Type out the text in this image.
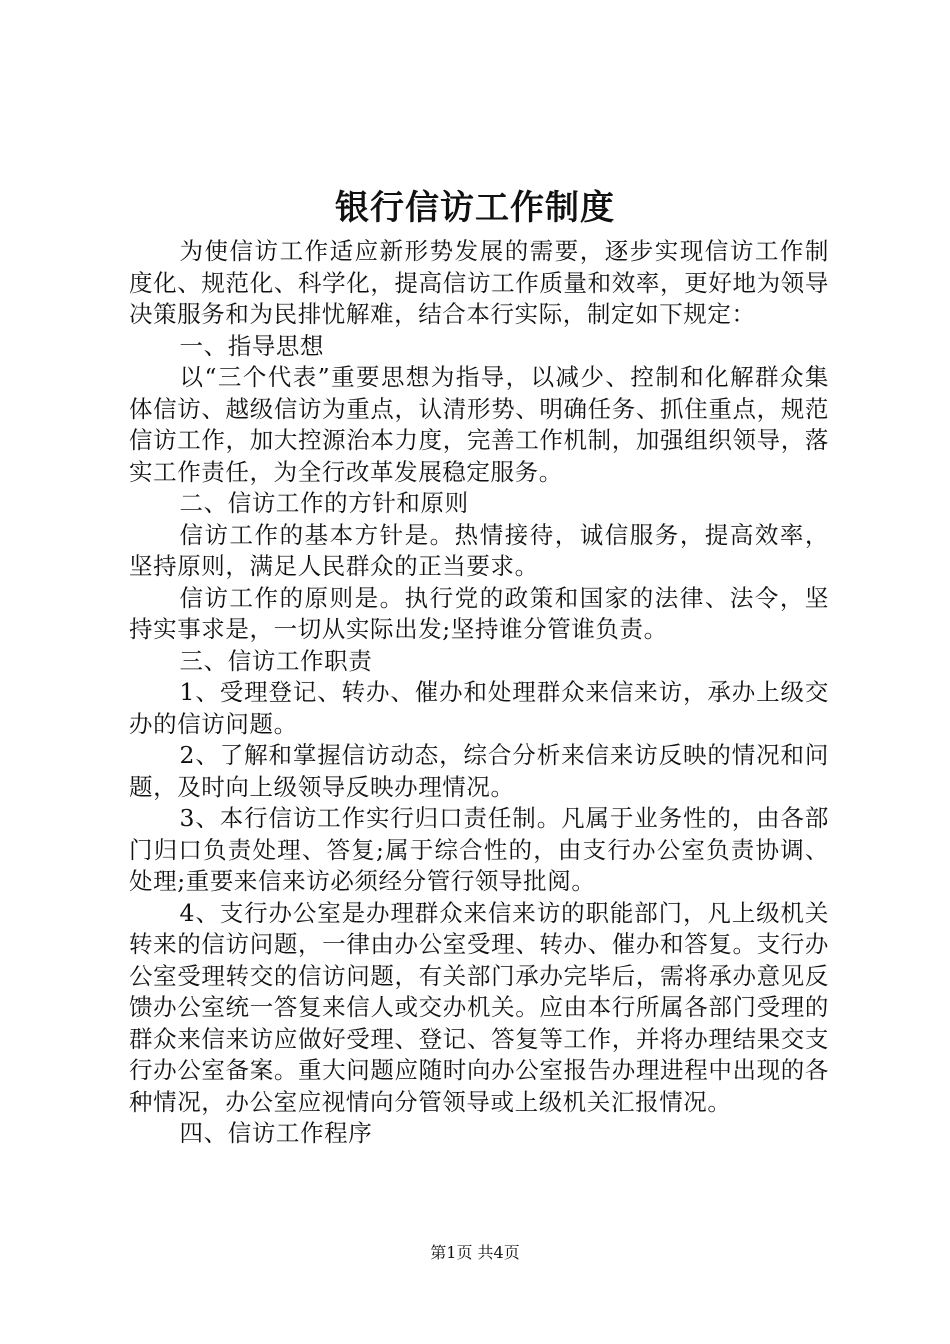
银行信访工作制度

为使信访工作适应新形势发展的需要，逐步实现信访工作制度化、规范化、科学化，提高信访工作质量和效率，更好地为领导决策服务和为民排忧解难，结合本行实际，制定如下规定：

一、指导思想

以“三个代表”重要思想为指导，以减少、控制和化解群众集体信访、越级信访为重点，认清形势、明确任务、抓住重点，规范信访工作，加大控源治本力度，完善工作机制，加强组织领导，落实工作责任，为全行改革发展稳定服务。

二、信访工作的方针和原则

信访工作的基本方针是。热情接待，诚信服务，提高效率，坚持原则，满足人民群众的正当要求。

信访工作的原则是。执行党的政策和国家的法律、法令，坚持实事求是，一切从实际出发;坚持谁分管谁负责。

三、信访工作职责

1、受理登记、转办、催办和处理群众来信来访，承办上级交办的信访问题。

2、了解和掌握信访动态，综合分析来信来访反映的情况和问题，及时向上级领导反映办理情况。

3、本行信访工作实行归口责任制。凡属于业务性的，由各部门归口负责处理、答复;属于综合性的，由支行办公室负责协调、处理;重要来信来访必须经分管行领导批阅。

4、支行办公室是办理群众来信来访的职能部门，凡上级机关转来的信访问题，一律由办公室受理、转办、催办和答复。支行办公室受理转交的信访问题，有关部门承办完毕后，需将承办意见反馈办公室统一答复来信人或交办机关。应由本行所属各部门受理的群众来信来访应做好受理、登记、答复等工作，并将办理结果交支行办公室备案。重大问题应随时向办公室报告办理进程中出现的各种情况，办公室应视情向分管领导或上级机关汇报情况。

四、信访工作程序

第1页 共4页
